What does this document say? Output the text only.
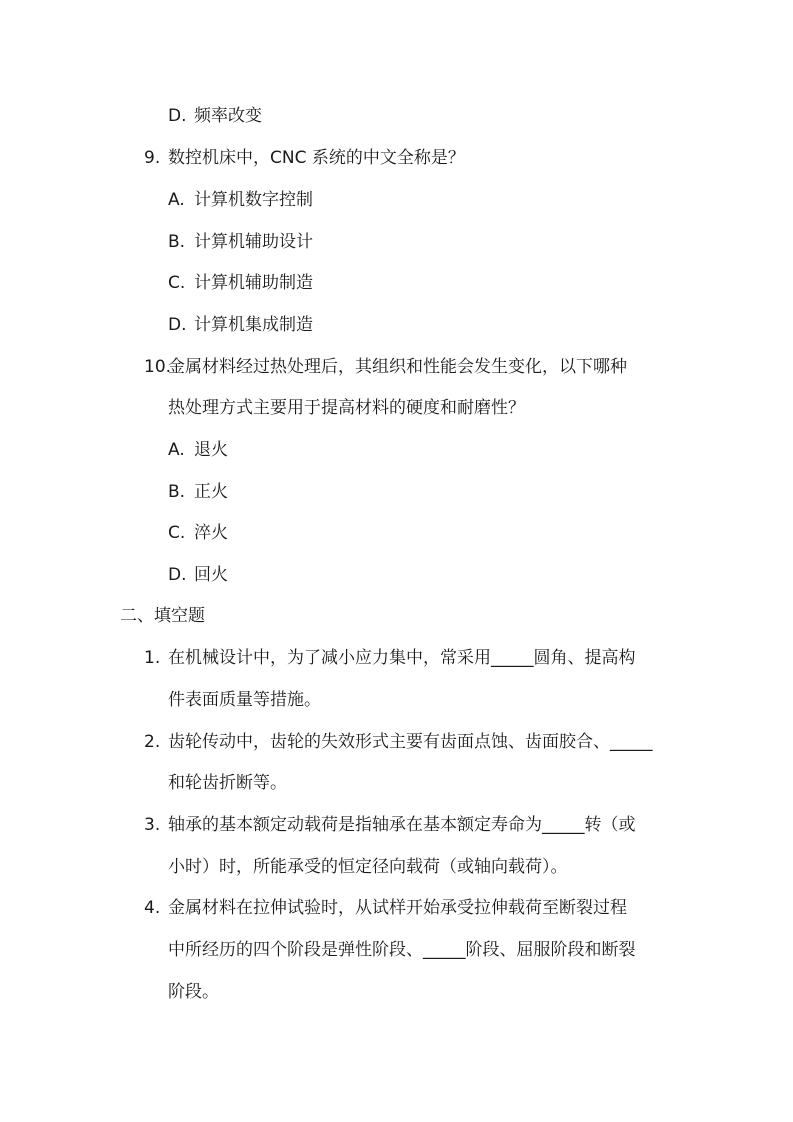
D. 频率改变
9. 数控机床中，CNC 系统的中文全称是？
A. 计算机数字控制
B. 计算机辅助设计
C. 计算机辅助制造
D. 计算机集成制造
10.
金属材料经过热处理后，其组织和性能会发生变化，以下哪种
热处理方式主要用于提高材料的硬度和耐磨性？
A. 退火
B. 正火
C. 淬火
D. 回火
二、填空题
1. 在机械设计中，为了减小应力集中，常采用_____圆角、提高构
件表面质量等措施。
2. 齿轮传动中，齿轮的失效形式主要有齿面点蚀、齿面胶合、_____
和轮齿折断等。
3. 轴承的基本额定动载荷是指轴承在基本额定寿命为_____转（或
小时）时，所能承受的恒定径向载荷（或轴向载荷）。
4. 金属材料在拉伸试验时，从试样开始承受拉伸载荷至断裂过程
中所经历的四个阶段是弹性阶段、_____阶段、屈服阶段和断裂
阶段。
